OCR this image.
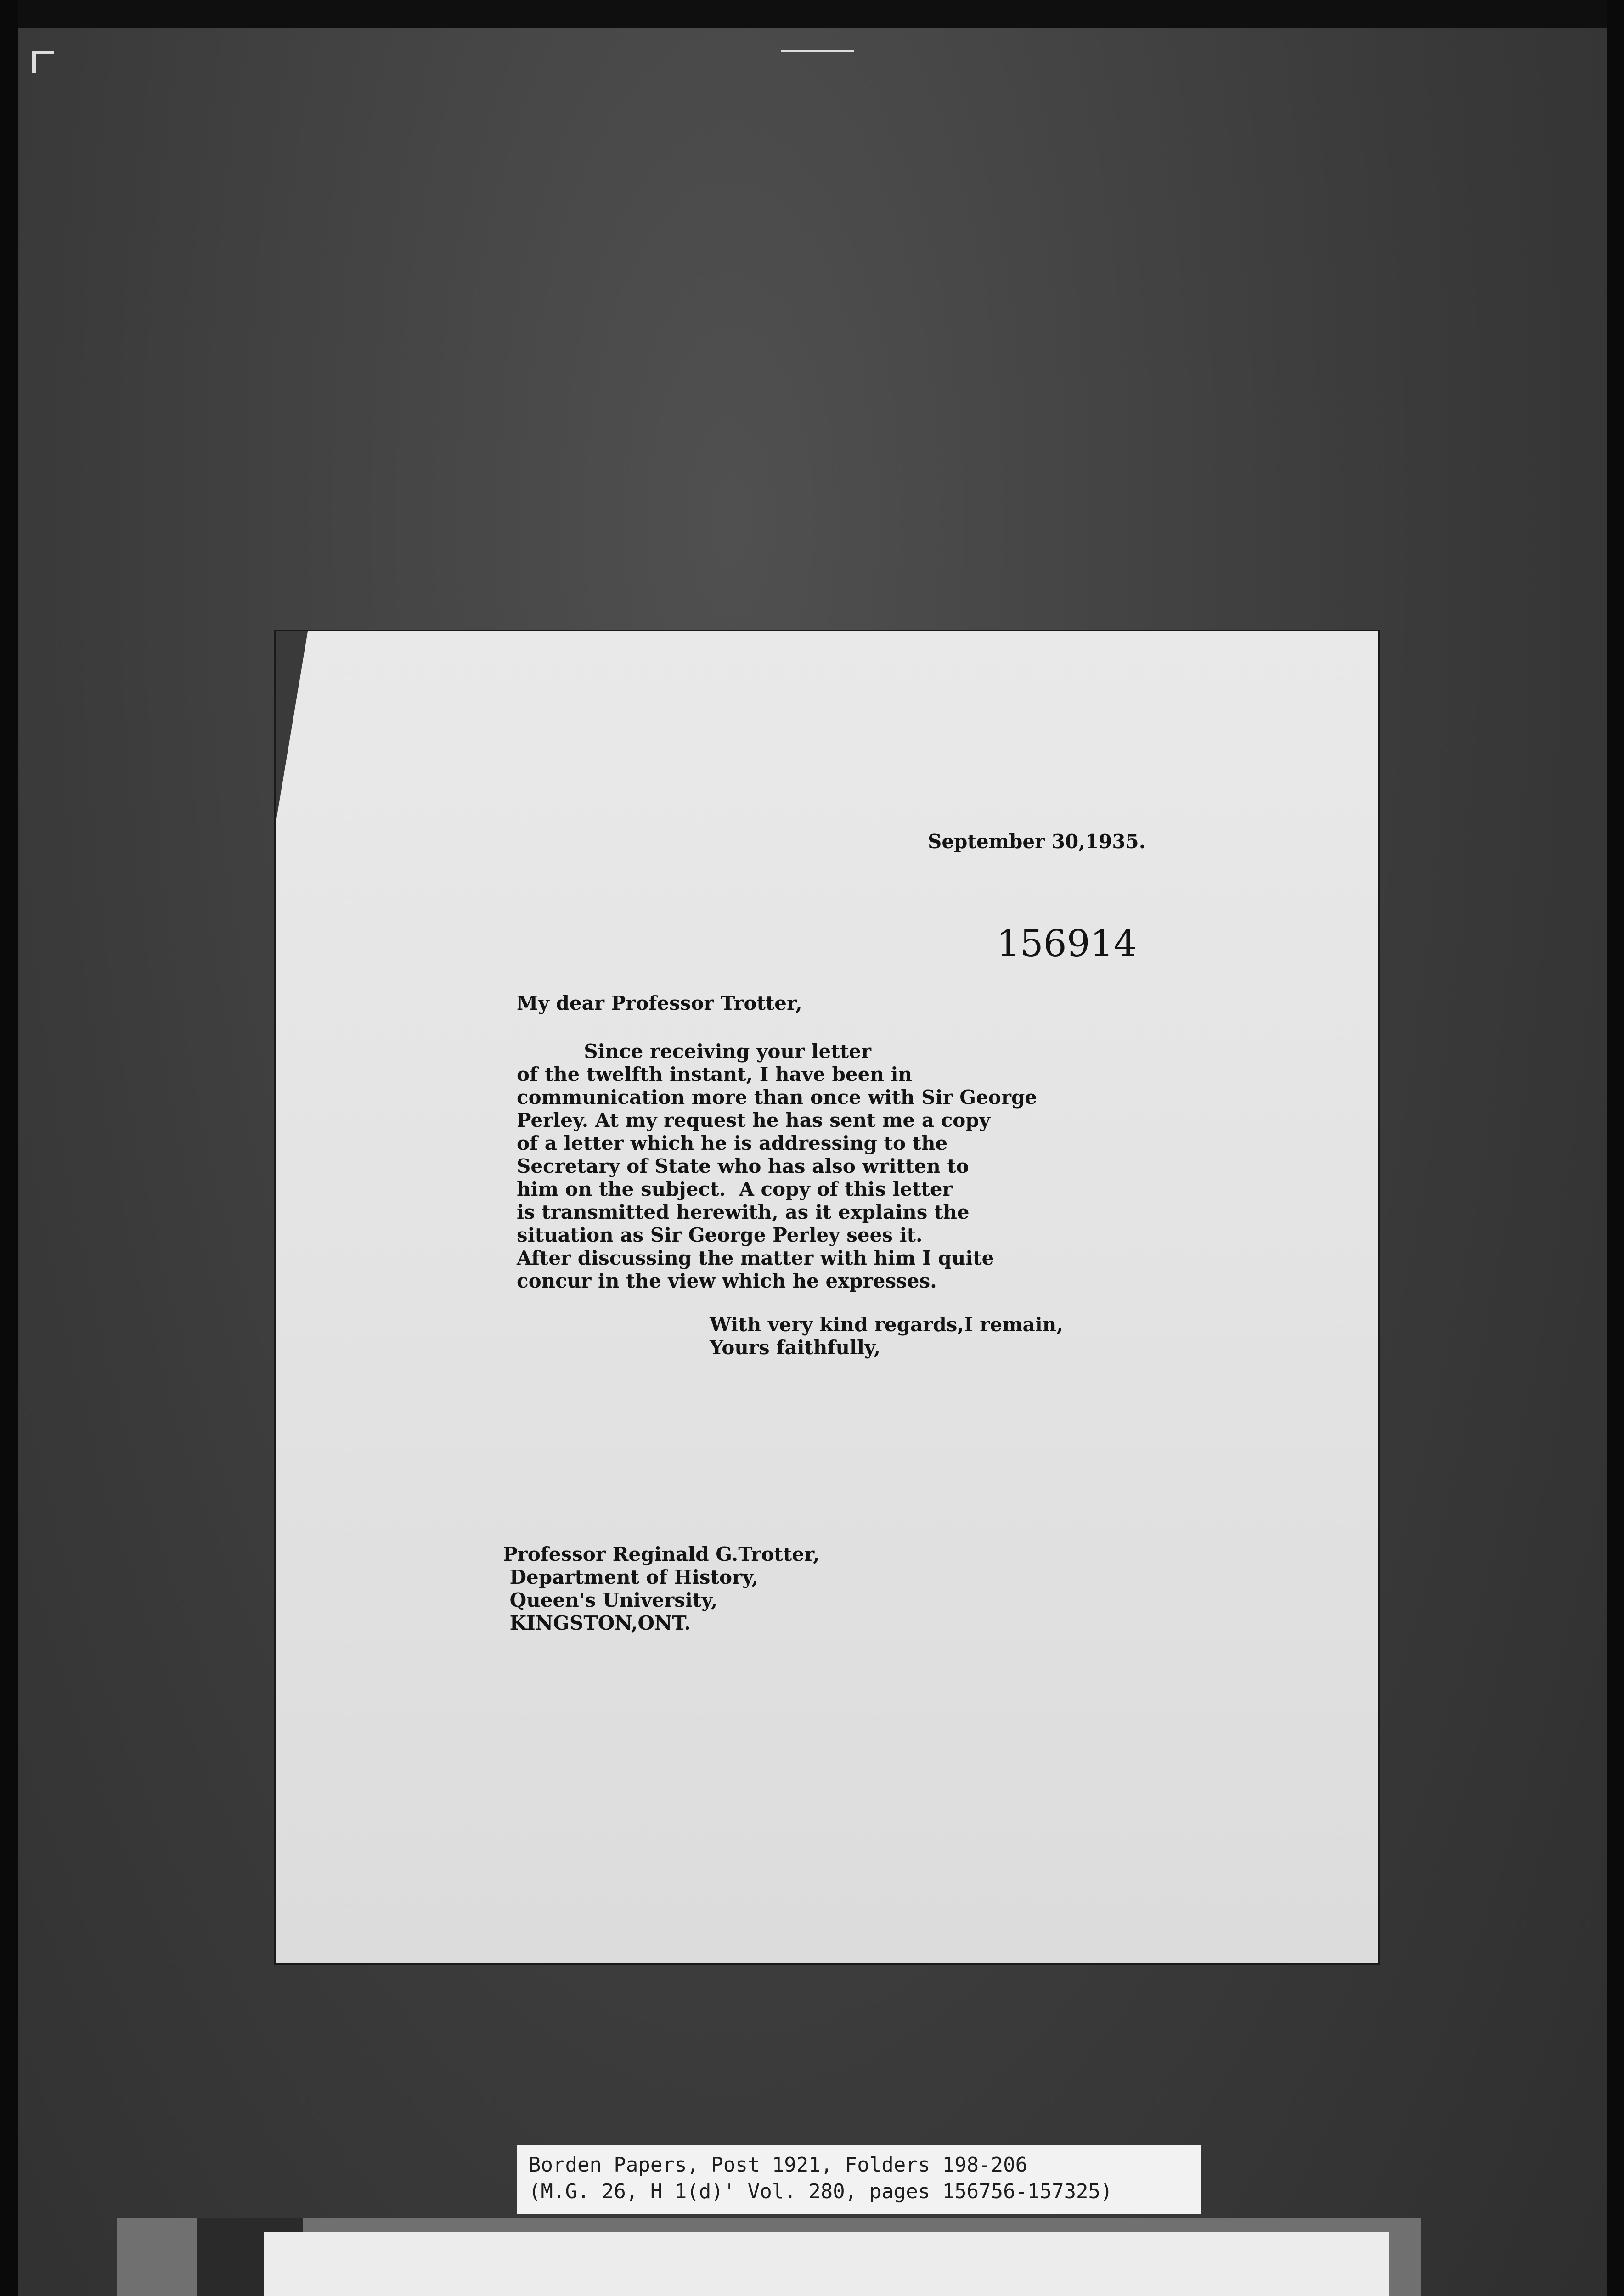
September 30,1935.
156914
My dear Professor Trotter,
Since receiving your letter
of the twelfth instant, I have been in
communication more than once with Sir George
Perley. At my request he has sent me a copy
of a letter which he is addressing to the
Secretary of State who has also written to
him on the subject.  A copy of this letter
is transmitted herewith, as it explains the
situation as Sir George Perley sees it.
After discussing the matter with him I quite
concur in the view which he expresses.
With very kind regards,I remain,
Yours faithfully,
Professor Reginald G.Trotter,
Department of History,
Queen's University,
KINGSTON,ONT.
Borden Papers, Post 1921, Folders 198-206
(M.G. 26, H 1(d)' Vol. 280, pages 156756-157325)
